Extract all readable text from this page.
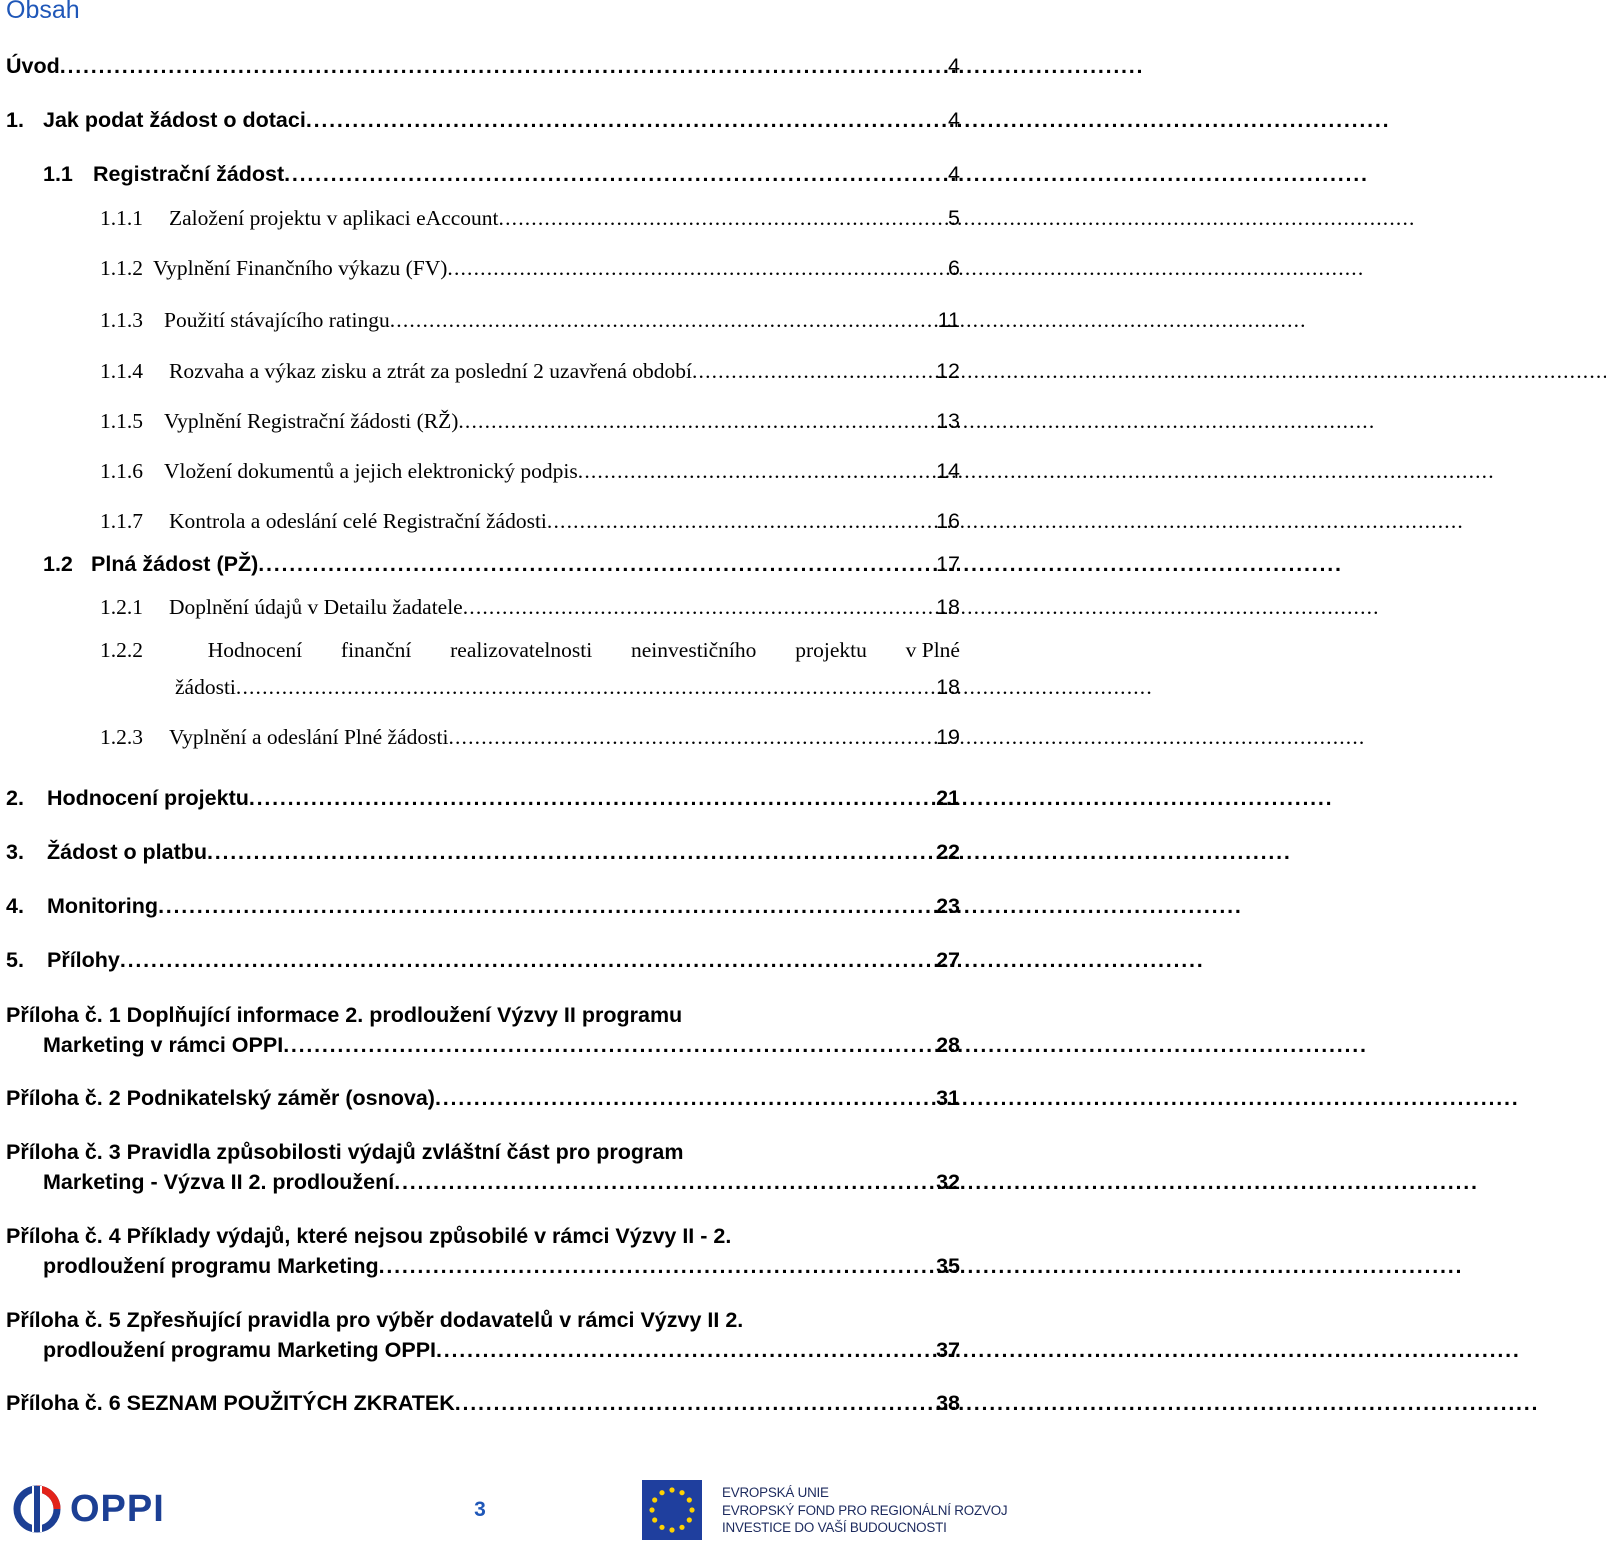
Obsah
Úvod . . .	4
1. Jak podat žádost o dotaci . . .	4
1.1 Registrační žádost . . .	4
1.1.1	Založení projektu v aplikaci eAccount . . .	5
1.1.2 Vyplnění Finančního výkazu (FV) . . .	6
1.1.3 Použití stávajícího ratingu . . .	11
1.1.4	Rozvaha a výkaz zisku a ztrát za poslední 2 uzavřená období . . .	12
1.1.5 Vyplnění Registrační žádosti (RŽ) . . .	13
1.1.6 Vložení dokumentů a jejich elektronický podpis . . .	14
1.1.7	Kontrola a odeslání celé Registrační žádosti . . .	16
1.2 Plná žádost (PŽ) . . .	17
1.2.1	Doplnění údajů v Detailu žadatele . . .	18
1.2.2	Hodnocení finanční realizovatelnosti neinvestičního projektu v Plné
žádosti . . .	18
1.2.3	Vyplnění a odeslání Plné žádosti . . .	19
2.	Hodnocení projektu . . .	21
3.	Žádost o platbu . . .	22
4.	Monitoring . . .	23
5.	Přílohy . . .	27
Příloha č. 1 Doplňující informace 2. prodloužení Výzvy II programu
Marketing v rámci OPPI . . .	28
Příloha č. 2 Podnikatelský záměr (osnova) . . .	31
Příloha č. 3 Pravidla způsobilosti výdajů zvláštní část pro program
Marketing - Výzva II 2. prodloužení . . .	32
Příloha č. 4 Příklady výdajů, které nejsou způsobilé v rámci Výzvy II - 2.
prodloužení programu Marketing . . .	35
Příloha č. 5 Zpřesňující pravidla pro výběr dodavatelů v rámci Výzvy II 2.
prodloužení programu Marketing OPPI . . .	37
Příloha č. 6 SEZNAM POUŽITÝCH ZKRATEK . . .	38
OPPI	3
EVROPSKÁ UNIE
EVROPSKÝ FOND PRO REGIONÁLNÍ ROZVOJ
INVESTICE DO VAŠÍ BUDOUCNOSTI
